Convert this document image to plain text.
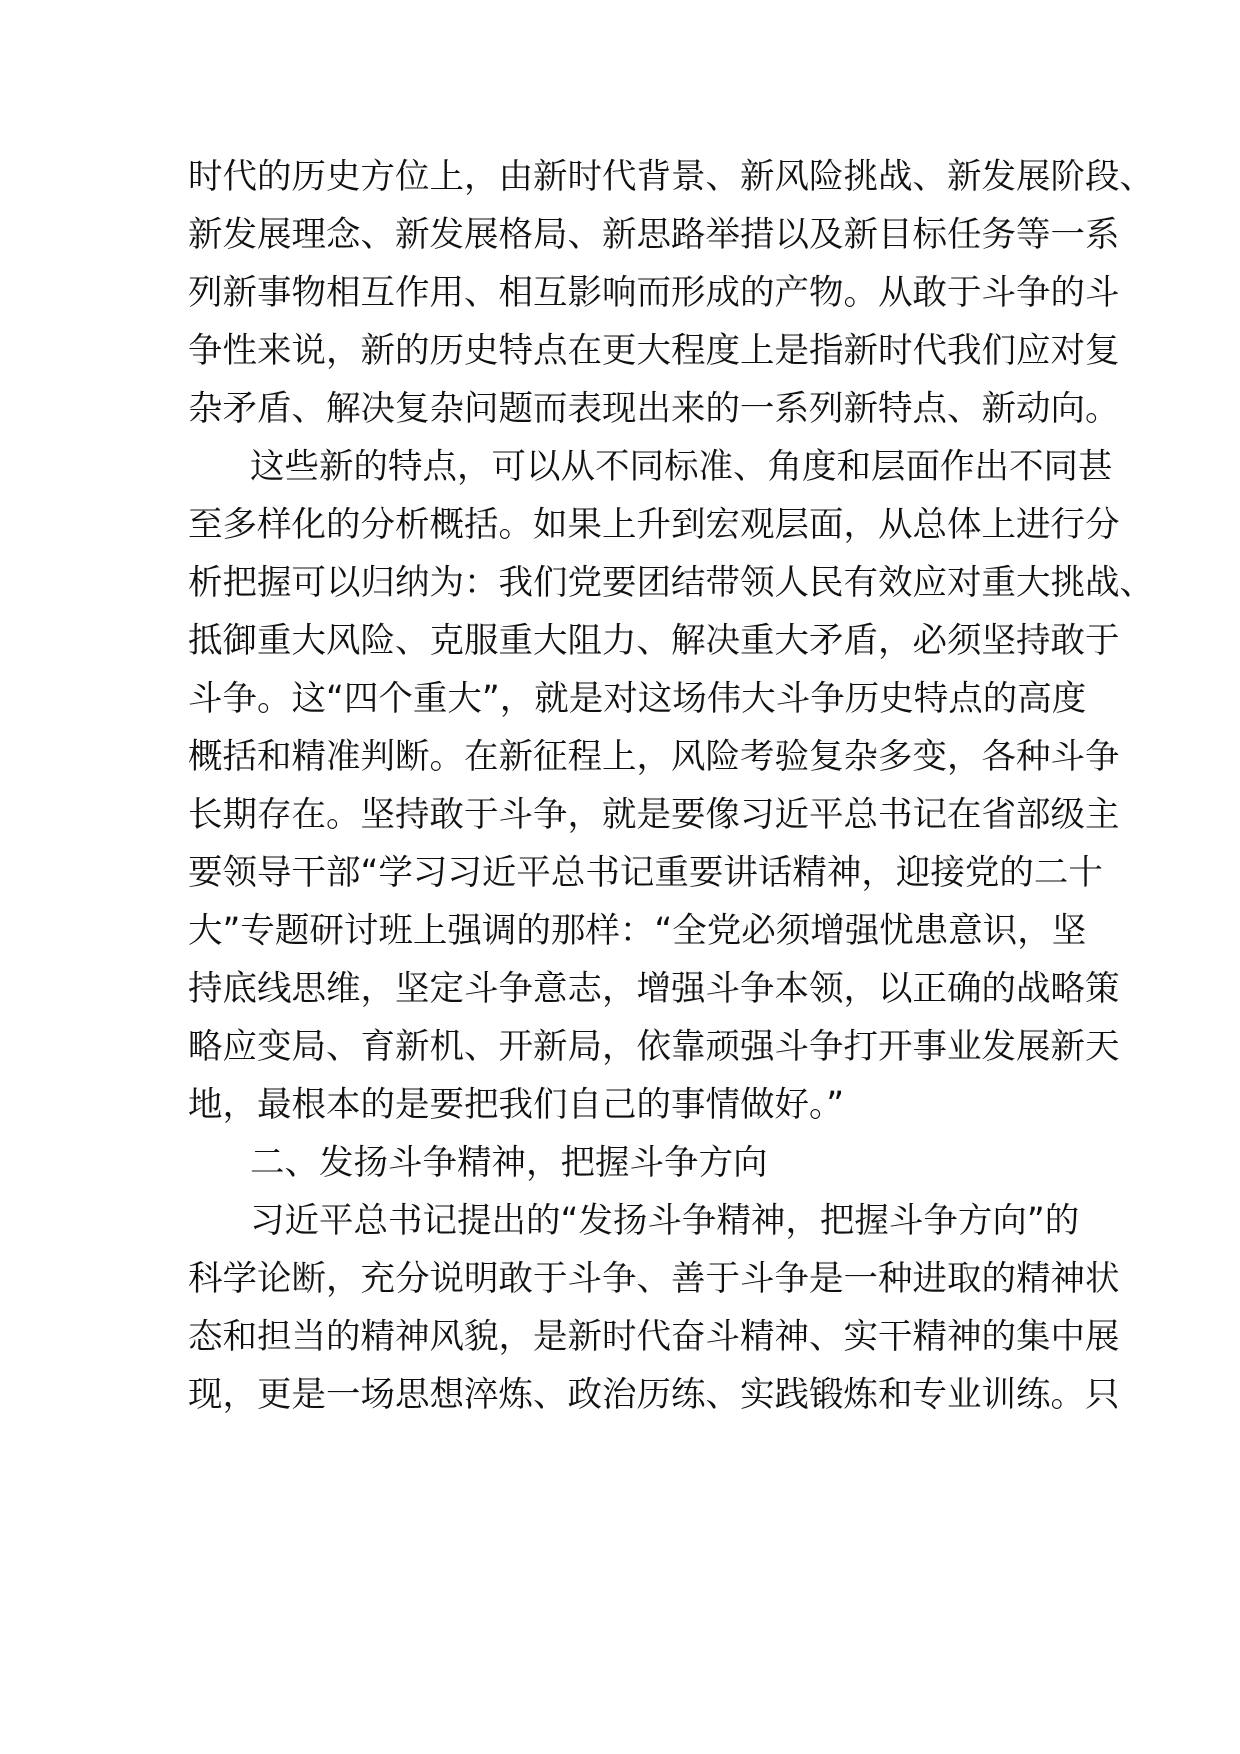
时代的历史方位上，由新时代背景、新风险挑战、新发展阶段、

新发展理念、新发展格局、新思路举措以及新目标任务等一系

列新事物相互作用、相互影响而形成的产物。从敢于斗争的斗

争性来说，新的历史特点在更大程度上是指新时代我们应对复

杂矛盾、解决复杂问题而表现出来的一系列新特点、新动向。

这些新的特点，可以从不同标准、角度和层面作出不同甚

至多样化的分析概括。如果上升到宏观层面，从总体上进行分

析把握可以归纳为：我们党要团结带领人民有效应对重大挑战、

抵御重大风险、克服重大阻力、解决重大矛盾，必须坚持敢于

斗争。这“四个重大”，就是对这场伟大斗争历史特点的高度

概括和精准判断。在新征程上，风险考验复杂多变，各种斗争

长期存在。坚持敢于斗争，就是要像习近平总书记在省部级主

要领导干部“学习习近平总书记重要讲话精神，迎接党的二十

大”专题研讨班上强调的那样：“全党必须增强忧患意识，坚

持底线思维，坚定斗争意志，增强斗争本领，以正确的战略策

略应变局、育新机、开新局，依靠顽强斗争打开事业发展新天

地，最根本的是要把我们自己的事情做好。”

二、发扬斗争精神，把握斗争方向

习近平总书记提出的“发扬斗争精神，把握斗争方向”的

科学论断，充分说明敢于斗争、善于斗争是一种进取的精神状

态和担当的精神风貌，是新时代奋斗精神、实干精神的集中展

现，更是一场思想淬炼、政治历练、实践锻炼和专业训练。只
